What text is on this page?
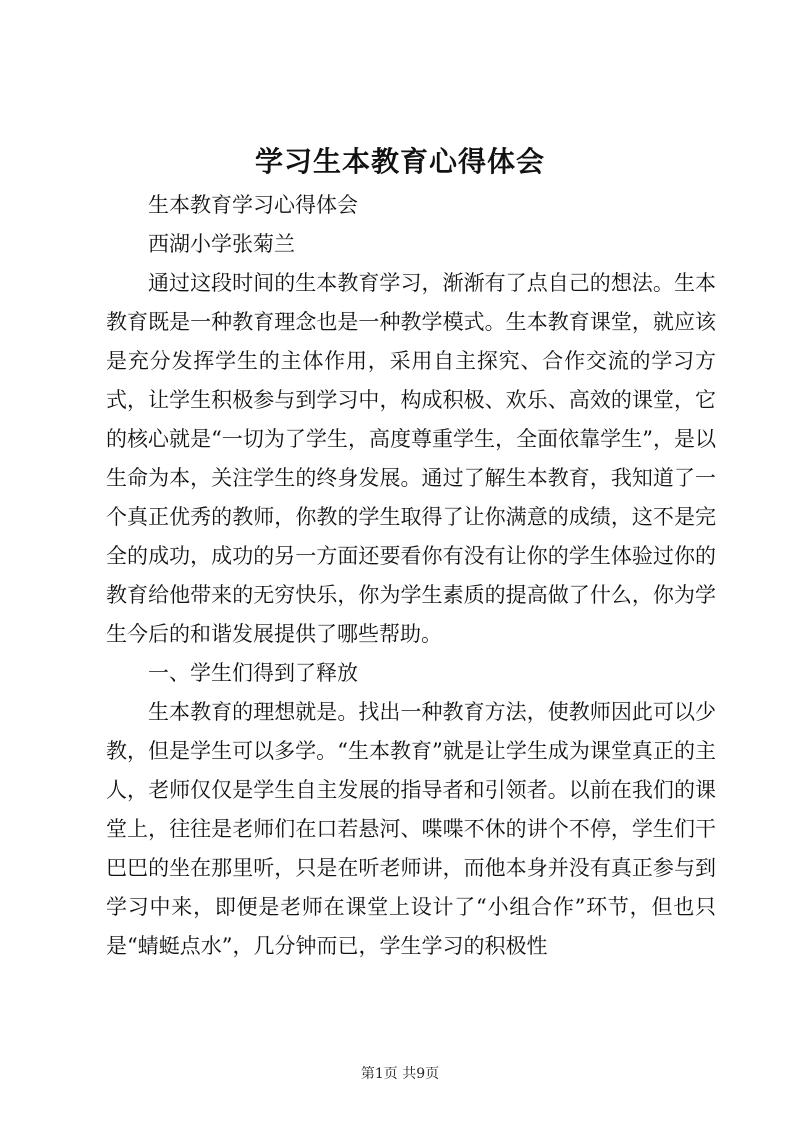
学习生本教育心得体会

生本教育学习心得体会

西湖小学张菊兰

通过这段时间的生本教育学习，渐渐有了点自己的想法。生本教育既是一种教育理念也是一种教学模式。生本教育课堂，就应该是充分发挥学生的主体作用，采用自主探究、合作交流的学习方式，让学生积极参与到学习中，构成积极、欢乐、高效的课堂，它的核心就是“一切为了学生，高度尊重学生，全面依靠学生”，是以生命为本，关注学生的终身发展。通过了解生本教育，我知道了一个真正优秀的教师，你教的学生取得了让你满意的成绩，这不是完全的成功，成功的另一方面还要看你有没有让你的学生体验过你的教育给他带来的无穷快乐，你为学生素质的提高做了什么，你为学生今后的和谐发展提供了哪些帮助。

一、学生们得到了释放

生本教育的理想就是。找出一种教育方法，使教师因此可以少教，但是学生可以多学。“生本教育”就是让学生成为课堂真正的主人，老师仅仅是学生自主发展的指导者和引领者。以前在我们的课堂上，往往是老师们在口若悬河、喋喋不休的讲个不停，学生们干巴巴的坐在那里听，只是在听老师讲，而他本身并没有真正参与到学习中来，即便是老师在课堂上设计了“小组合作”环节，但也只是“蜻蜓点水”，几分钟而已，学生学习的积极性

第1页 共9页
